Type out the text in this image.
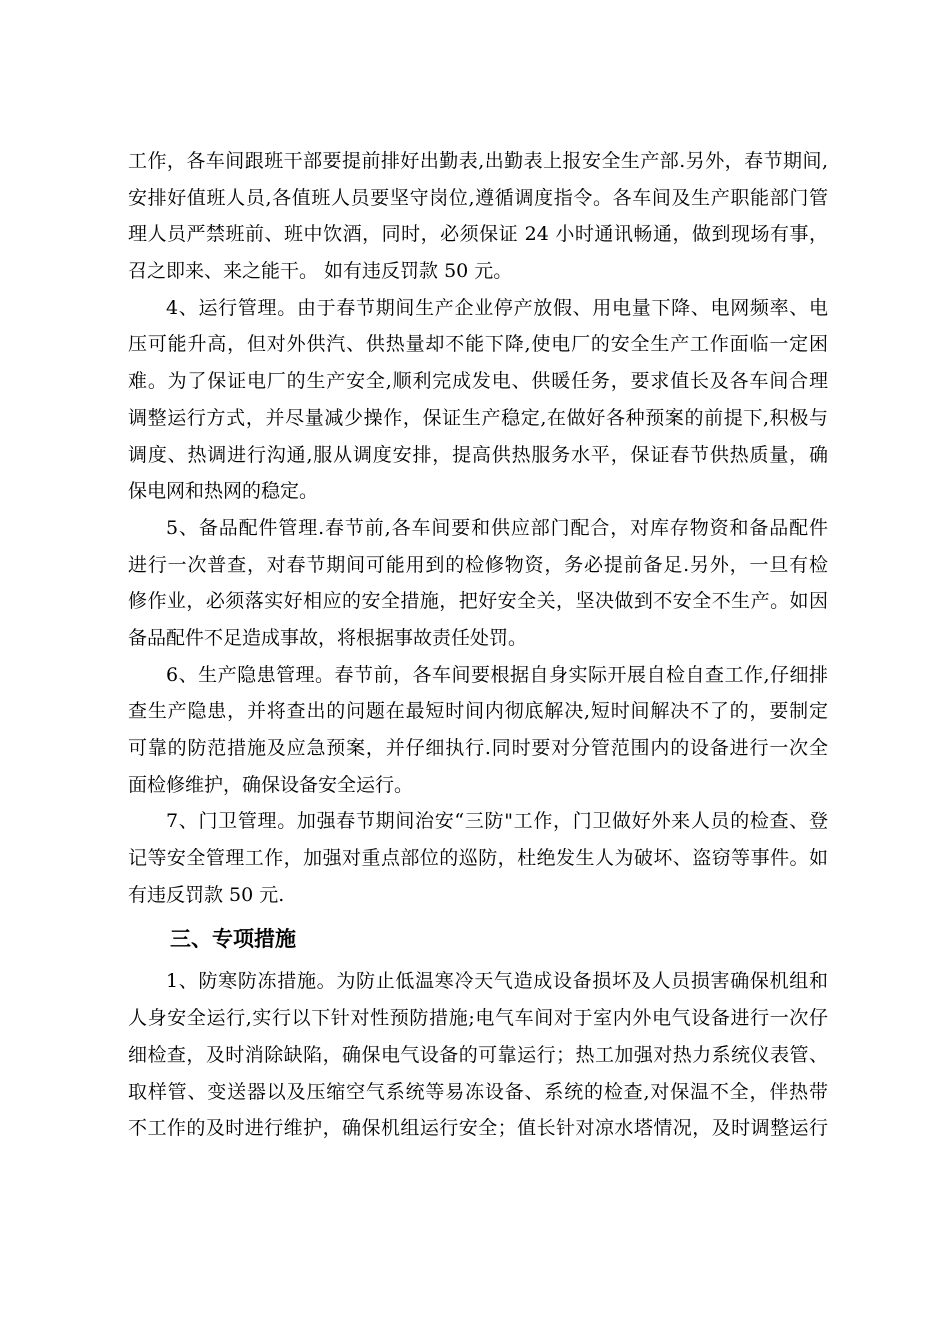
工作，各车间跟班干部要提前排好出勤表,出勤表上报安全生产部.另外，春节期间,
安排好值班人员,各值班人员要坚守岗位,遵循调度指令。各车间及生产职能部门管
理人员严禁班前、班中饮酒，同时，必须保证 24 小时通讯畅通，做到现场有事，
召之即来、来之能干。 如有违反罚款 50 元。
4、运行管理。由于春节期间生产企业停产放假、用电量下降、电网频率、电
压可能升高，但对外供汽、供热量却不能下降,使电厂的安全生产工作面临一定困
难。为了保证电厂的生产安全,顺利完成发电、供暖任务，要求值长及各车间合理
调整运行方式，并尽量减少操作，保证生产稳定,在做好各种预案的前提下,积极与
调度、热调进行沟通,服从调度安排，提高供热服务水平，保证春节供热质量，确
保电网和热网的稳定。
5、备品配件管理.春节前,各车间要和供应部门配合，对库存物资和备品配件
进行一次普查，对春节期间可能用到的检修物资，务必提前备足.另外，一旦有检
修作业，必须落实好相应的安全措施，把好安全关，坚决做到不安全不生产。如因
备品配件不足造成事故，将根据事故责任处罚。
6、生产隐患管理。春节前，各车间要根据自身实际开展自检自查工作,仔细排
查生产隐患，并将查出的问题在最短时间内彻底解决,短时间解决不了的，要制定
可靠的防范措施及应急预案，并仔细执行.同时要对分管范围内的设备进行一次全
面检修维护，确保设备安全运行。
7、门卫管理。加强春节期间治安“三防"工作，门卫做好外来人员的检查、登
记等安全管理工作，加强对重点部位的巡防，杜绝发生人为破坏、盗窃等事件。如
有违反罚款 50 元.
三、专项措施
1、防寒防冻措施。为防止低温寒冷天气造成设备损坏及人员损害确保机组和
人身安全运行,实行以下针对性预防措施;电气车间对于室内外电气设备进行一次仔
细检查，及时消除缺陷，确保电气设备的可靠运行；热工加强对热力系统仪表管、
取样管、变送器以及压缩空气系统等易冻设备、系统的检查,对保温不全，伴热带
不工作的及时进行维护，确保机组运行安全；值长针对凉水塔情况，及时调整运行
